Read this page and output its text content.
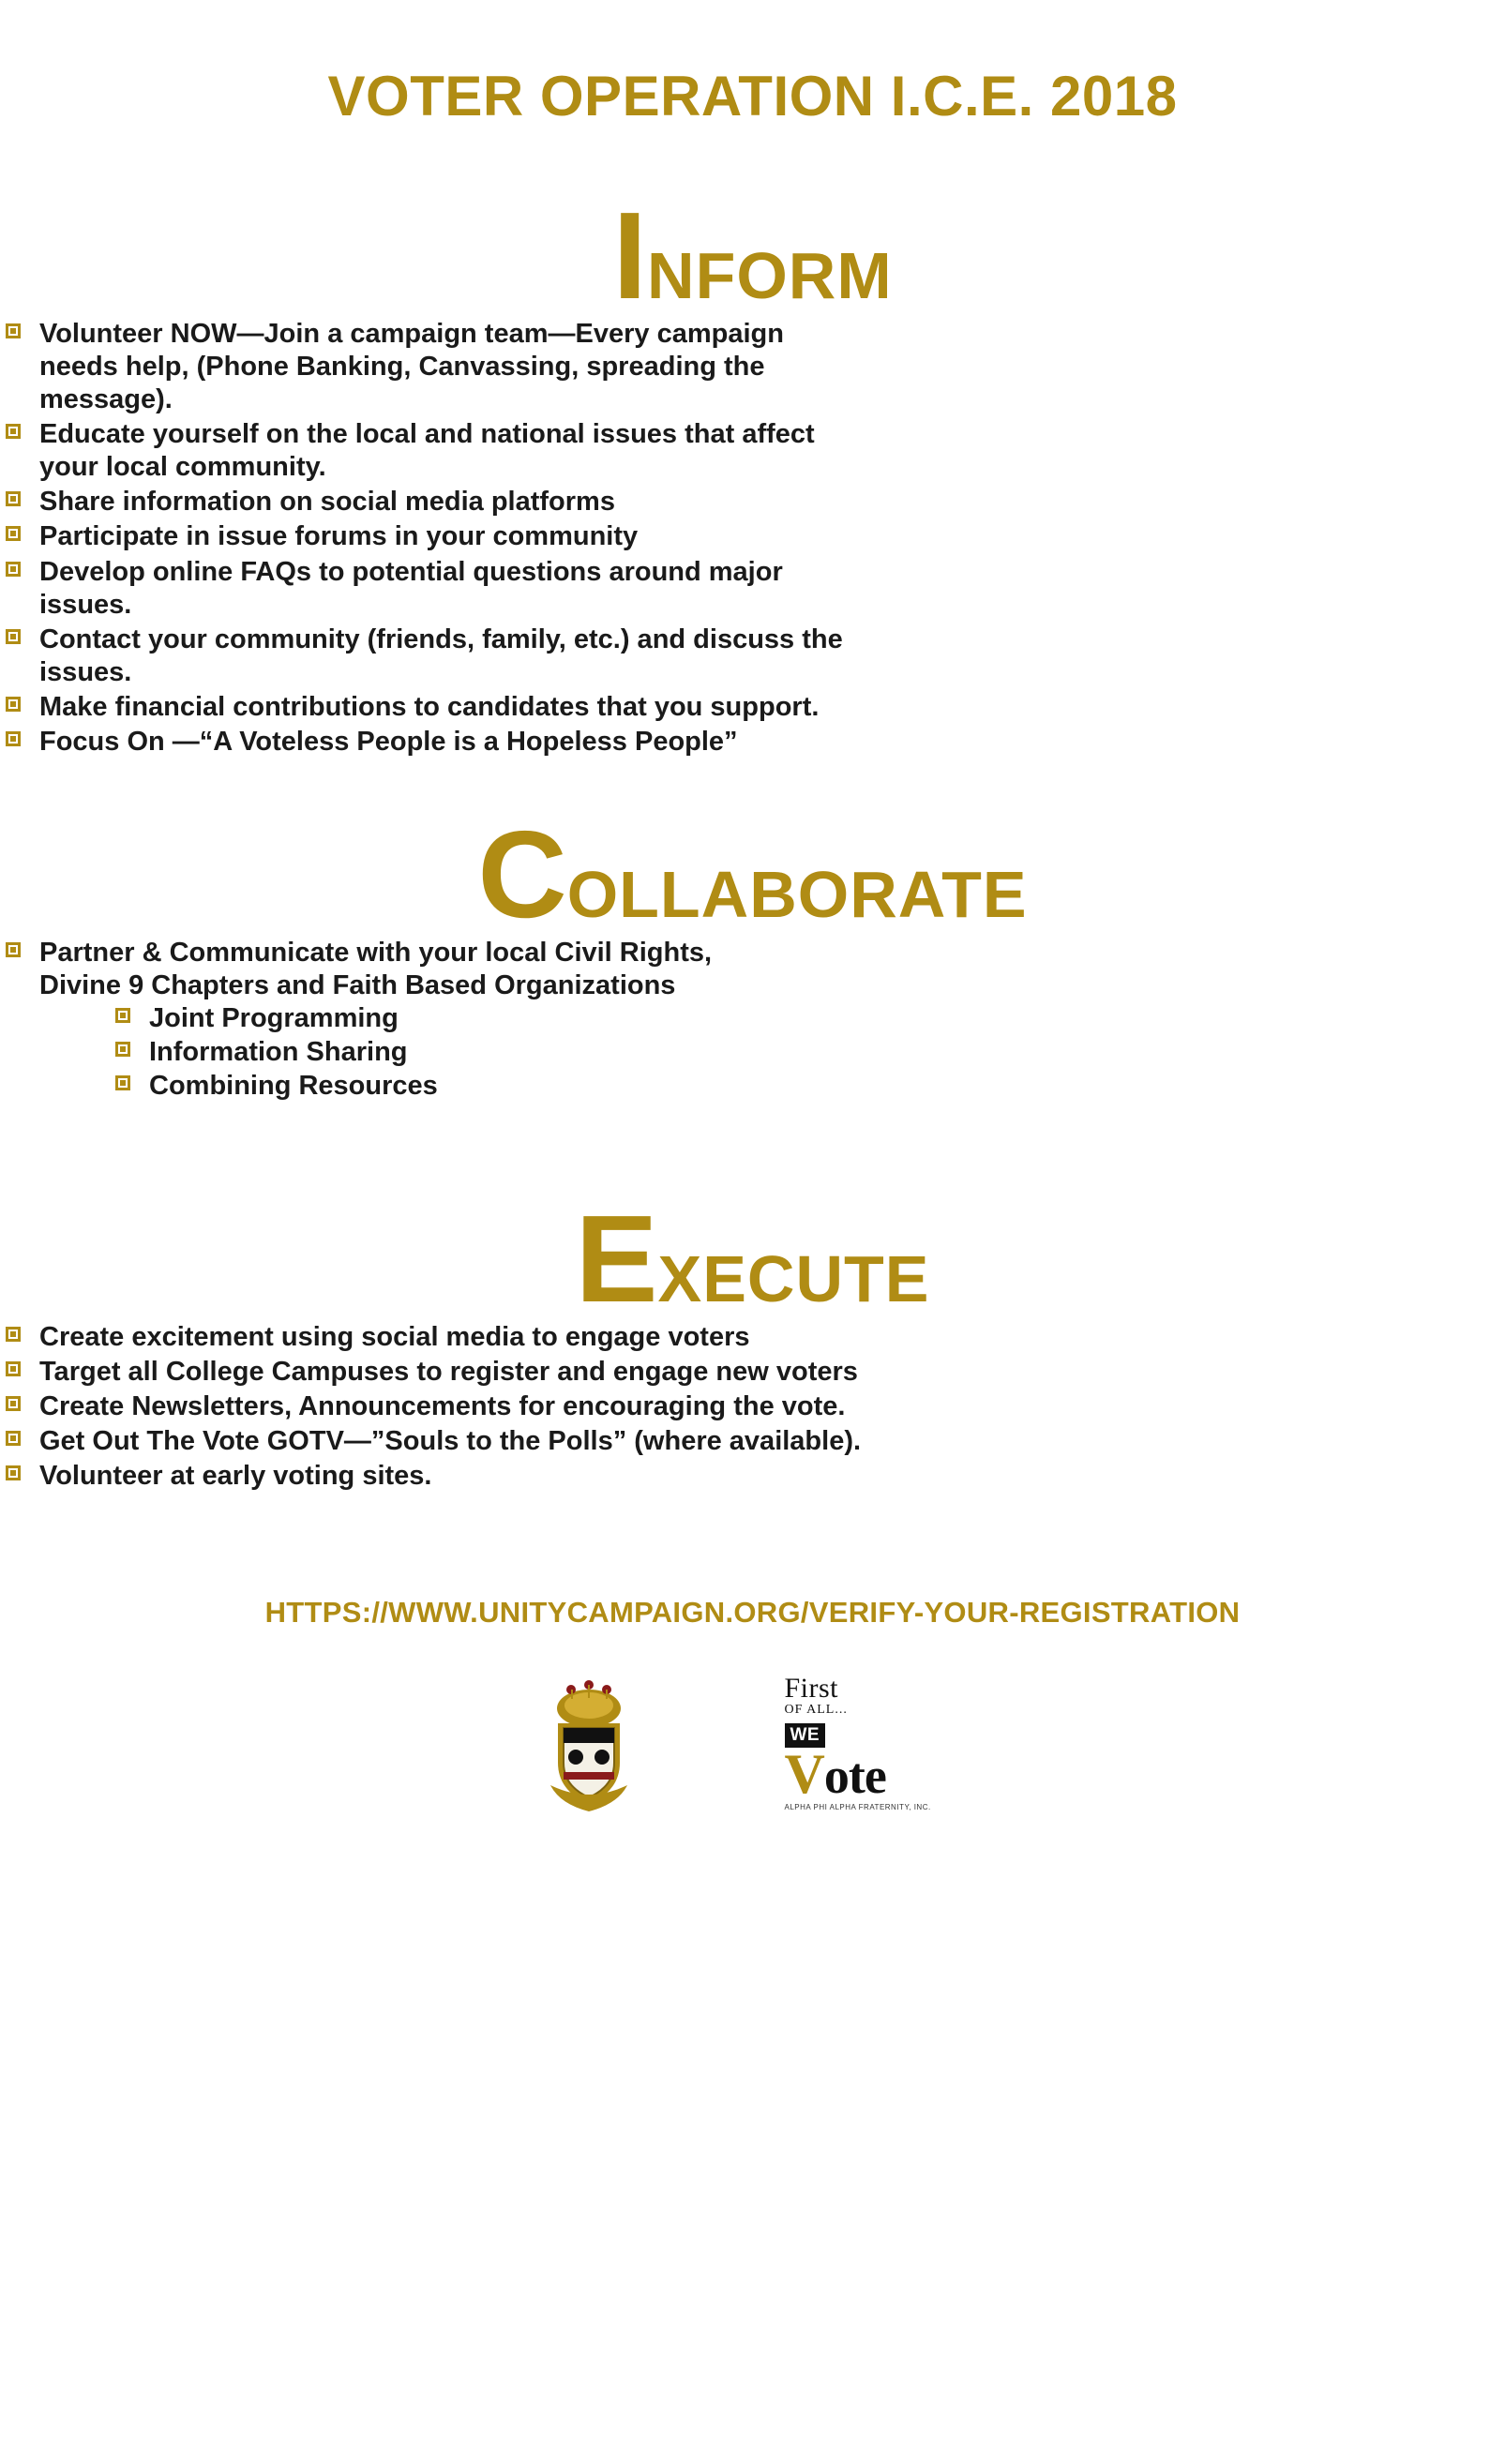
VOTER OPERATION I.C.E. 2018
INFORM
Volunteer NOW—Join a campaign team—Every campaign needs help, (Phone Banking, Canvassing, spreading the message).
Educate yourself on the local and national issues that affect your local community.
Share information on social media platforms
Participate in issue forums in your community
Develop online FAQs to potential questions around major issues.
Contact your community (friends, family, etc.) and discuss the issues.
Make financial contributions to candidates that you support.
Focus On —“A Voteless People is a Hopeless People”
COLLABORATE
Partner & Communicate with your local Civil Rights, Divine 9 Chapters and Faith Based Organizations
Joint Programming
Information Sharing
Combining Resources
EXECUTE
Create excitement using social media to engage voters
Target all College Campuses to register and engage new voters
Create Newsletters, Announcements for encouraging the vote.
Get Out The Vote GOTV—”Souls to the Polls” (where available).
Volunteer at early voting sites.
HTTPS://WWW.UNITYCAMPAIGN.ORG/VERIFY-YOUR-REGISTRATION
First
OF ALL...
WE
Vote
ALPHA PHI ALPHA FRATERNITY, INC.
